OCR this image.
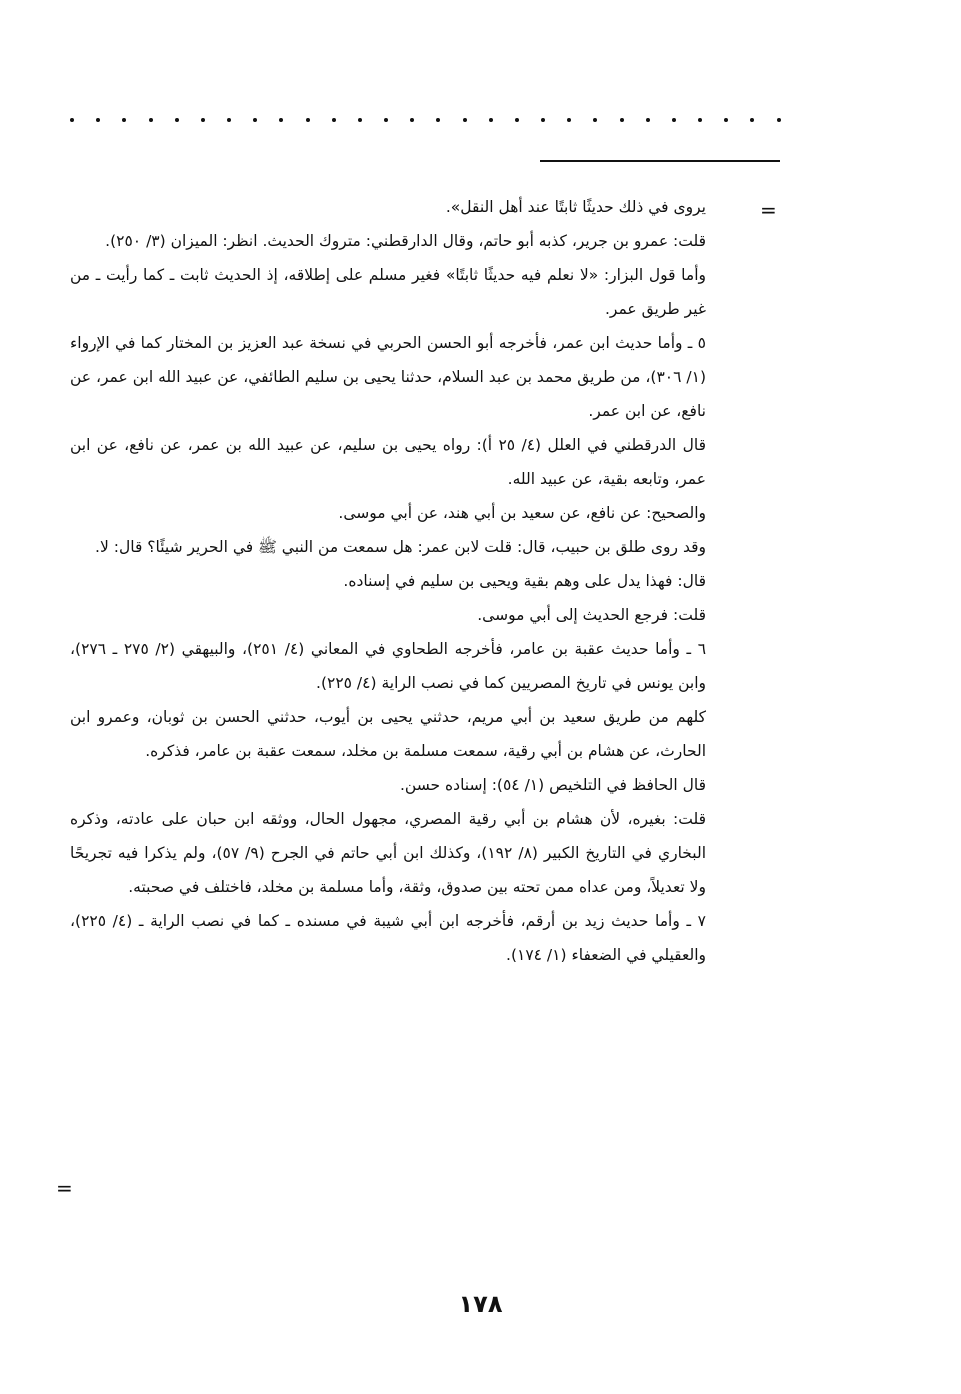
=

يروى في ذلك حديثًا ثابتًا عند أهل النقل».

قلت: عمرو بن جرير، كذبه أبو حاتم، وقال الدارقطني: متروك الحديث. انظر: الميزان (٣/ ٢٥٠).

وأما قول البزار: «لا نعلم فيه حديثًا ثابتًا» فغير مسلم على إطلاقه، إذ الحديث ثابت ـ كما رأيت ـ من غير طريق عمر.

٥ ـ وأما حديث ابن عمر، فأخرجه أبو الحسن الحربي في نسخة عبد العزيز بن المختار كما في الإرواء (١/ ٣٠٦)، من طريق محمد بن عبد السلام، حدثنا يحيى بن سليم الطائفي، عن عبيد الله ابن عمر، عن نافع، عن ابن عمر.

قال الدرقطني في العلل (٤/ ٢٥ أ): رواه يحيى بن سليم، عن عبيد الله بن عمر، عن نافع، عن ابن عمر، وتابعه بقية، عن عبيد الله.

والصحيح: عن نافع، عن سعيد بن أبي هند، عن أبي موسى.

وقد روى طلق بن حبيب، قال: قلت لابن عمر: هل سمعت من النبي ﷺ في الحرير شيئًا؟ قال: لا.

قال: فهذا يدل على وهم بقية ويحيى بن سليم في إسناده.

قلت: فرجع الحديث إلى أبي موسى.

٦ ـ وأما حديث عقبة بن عامر، فأخرجه الطحاوي في المعاني (٤/ ٢٥١)، والبيهقي (٢/ ٢٧٥ ـ ٢٧٦)، وابن يونس في تاريخ المصريين كما في نصب الراية (٤/ ٢٢٥).

كلهم من طريق سعيد بن أبي مريم، حدثني يحيى بن أيوب، حدثني الحسن بن ثوبان، وعمرو ابن الحارث، عن هشام بن أبي رقية، سمعت مسلمة بن مخلد، سمعت عقبة بن عامر، فذكره.

قال الحافظ في التلخيص (١/ ٥٤): إسناده حسن.

قلت: بغيره، لأن هشام بن أبي رقية المصري، مجهول الحال، ووثقه ابن حبان على عادته، وذكره البخاري في التاريخ الكبير (٨/ ١٩٢)، وكذلك ابن أبي حاتم في الجرح (٩/ ٥٧)، ولم يذكرا فيه تجريحًا ولا تعديلاً، ومن عداه ممن تحته بين صدوق، وثقة، وأما مسلمة بن مخلد، فاختلف في صحبته.

٧ ـ وأما حديث زيد بن أرقم، فأخرجه ابن أبي شيبة في مسنده ـ كما في نصب الراية ـ (٤/ ٢٢٥)، والعقيلي في الضعفاء (١/ ١٧٤).

=
١٧٨
